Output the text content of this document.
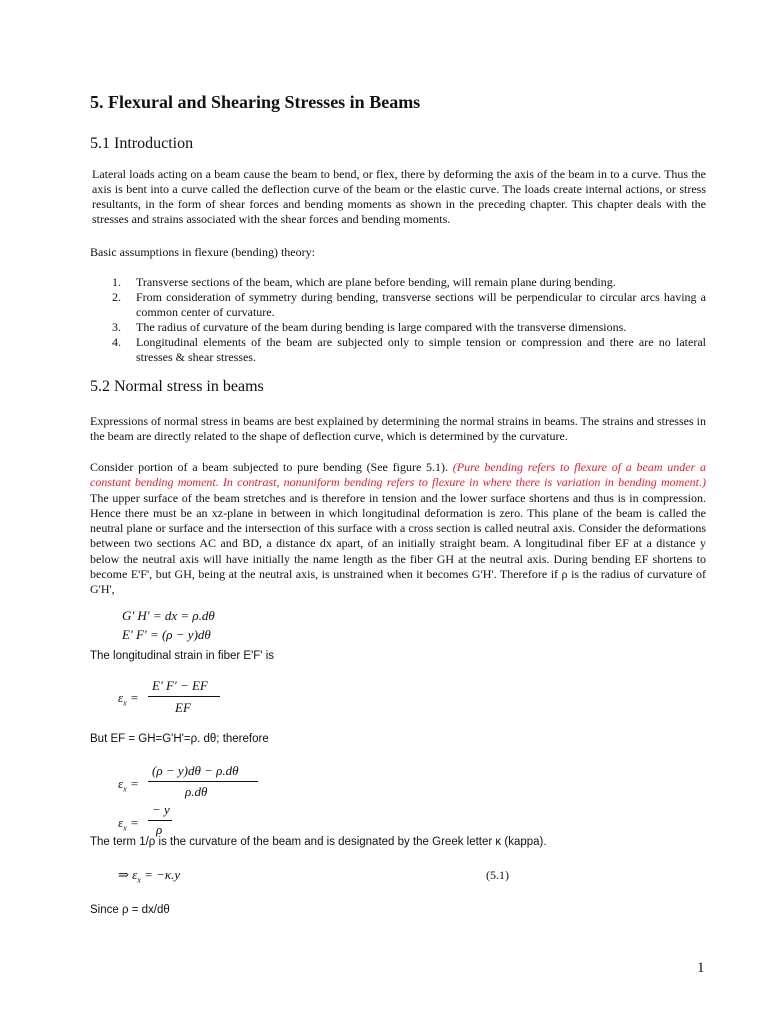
5. Flexural and Shearing Stresses in Beams
5.1 Introduction

Lateral loads acting on a beam cause the beam to bend, or flex, there by deforming the axis of the beam in to a curve. Thus the axis is bent into a curve called the deflection curve of the beam or the elastic curve. The loads create internal actions, or stress resultants, in the form of shear forces and bending moments as shown in the preceding chapter. This chapter deals with the stresses and strains associated with the shear forces and bending moments.

Basic assumptions in flexure (bending) theory:

1. Transverse sections of the beam, which are plane before bending, will remain plane during bending.
2. From consideration of symmetry during bending, transverse sections will be perpendicular to circular arcs having a common center of curvature.
3. The radius of curvature of the beam during bending is large compared with the transverse dimensions.
4. Longitudinal elements of the beam are subjected only to simple tension or compression and there are no lateral stresses & shear stresses.
5.2 Normal stress in beams

Expressions of normal stress in beams are best explained by determining the normal strains in beams. The strains and stresses in the beam are directly related to the shape of deflection curve, which is determined by the curvature.

Consider portion of a beam subjected to pure bending (See figure 5.1). (Pure bending refers to flexure of a beam under a constant bending moment. In contrast, nonuniform bending refers to flexure in where there is variation in bending moment.) The upper surface of the beam stretches and is therefore in tension and the lower surface shortens and thus is in compression. Hence there must be an xz-plane in between in which longitudinal deformation is zero. This plane of the beam is called the neutral plane or surface and the intersection of this surface with a cross section is called neutral axis. Consider the deformations between two sections AC and BD, a distance dx apart, of an initially straight beam. A longitudinal fiber EF at a distance y below the neutral axis will have initially the name length as the fiber GH at the neutral axis. During bending EF shortens to become E'F', but GH, being at the neutral axis, is unstrained when it becomes G'H'. Therefore if ρ is the radius of curvature of G'H',

G' H' = dx = ρ.dθ
E' F' = (ρ − y)dθ

The longitudinal strain in fiber E'F' is

$\varepsilon_x$ =
E' F' − EF
EF

But EF = GH=G'H'=ρ. dθ; therefore

$\varepsilon_x$ =
(ρ − y)dθ − ρ.dθ
ρ.dθ
$\varepsilon_x$ =
− y
ρ

The term 1/ρ is the curvature of the beam and is designated by the Greek letter κ (kappa).

⇒ $\varepsilon_x = -\kappa.y$	(5.1)

Since ρ = dx/dθ

1
